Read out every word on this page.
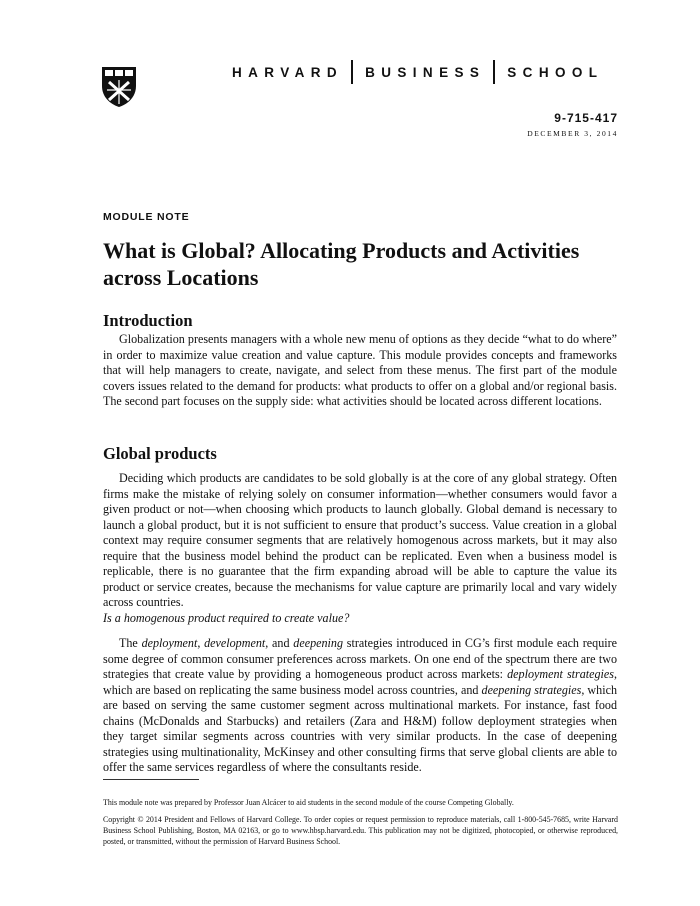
HARVARD BUSINESS SCHOOL
9-715-417
DECEMBER 3, 2014
MODULE NOTE
What is Global? Allocating Products and Activities across Locations
Introduction

Globalization presents managers with a whole new menu of options as they decide “what to do where” in order to maximize value creation and value capture. This module provides concepts and frameworks that will help managers to create, navigate, and select from these menus. The first part of the module covers issues related to the demand for products: what products to offer on a global and/or regional basis. The second part focuses on the supply side: what activities should be located across different locations.

Global products

Deciding which products are candidates to be sold globally is at the core of any global strategy. Often firms make the mistake of relying solely on consumer information—whether consumers would favor a given product or not—when choosing which products to launch globally. Global demand is necessary to launch a global product, but it is not sufficient to ensure that product’s success. Value creation in a global context may require consumer segments that are relatively homogenous across markets, but it may also require that the business model behind the product can be replicated. Even when a business model is replicable, there is no guarantee that the firm expanding abroad will be able to capture the value its product or service creates, because the mechanisms for value capture are primarily local and vary widely across countries.

Is a homogenous product required to create value?

The deployment, development, and deepening strategies introduced in CG’s first module each require some degree of common consumer preferences across markets. On one end of the spectrum there are two strategies that create value by providing a homogeneous product across markets: deployment strategies, which are based on replicating the same business model across countries, and deepening strategies, which are based on serving the same customer segment across multinational markets. For instance, fast food chains (McDonalds and Starbucks) and retailers (Zara and H&M) follow deployment strategies when they target similar segments across countries with very similar products. In the case of deepening strategies using multinationality, McKinsey and other consulting firms that serve global clients are able to offer the same services regardless of where the consultants reside.

This module note was prepared by Professor Juan Alcácer to aid students in the second module of the course Competing Globally.

Copyright © 2014 President and Fellows of Harvard College. To order copies or request permission to reproduce materials, call 1-800-545-7685, write Harvard Business School Publishing, Boston, MA 02163, or go to www.hbsp.harvard.edu. This publication may not be digitized, photocopied, or otherwise reproduced, posted, or transmitted, without the permission of Harvard Business School.
